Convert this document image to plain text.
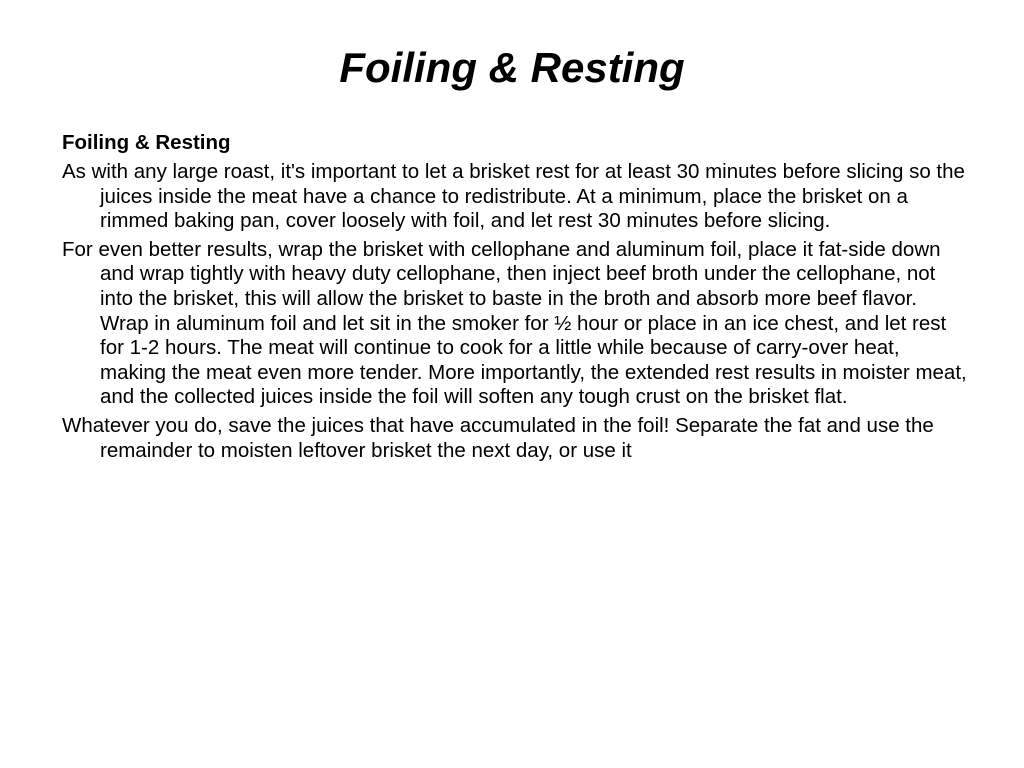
Foiling & Resting

Foiling & Resting

As with any large roast, it's important to let a brisket rest for at least 30 minutes before slicing so the juices inside the meat have a chance to redistribute. At a minimum, place the brisket on a rimmed baking pan, cover loosely with foil, and let rest 30 minutes before slicing.

For even better results, wrap the brisket with cellophane and aluminum foil, place it fat-side down and wrap tightly with heavy duty cellophane, then inject beef broth under the cellophane, not into the brisket, this will allow the brisket to baste in the broth and absorb more beef flavor. Wrap in aluminum foil and let sit in the smoker for ½ hour or place in an ice chest, and let rest for 1-2 hours. The meat will continue to cook for a little while because of carry-over heat, making the meat even more tender. More importantly, the extended rest results in moister meat, and the collected juices inside the foil will soften any tough crust on the brisket flat.

Whatever you do, save the juices that have accumulated in the foil! Separate the fat and use the remainder to moisten leftover brisket the next day, or use it
